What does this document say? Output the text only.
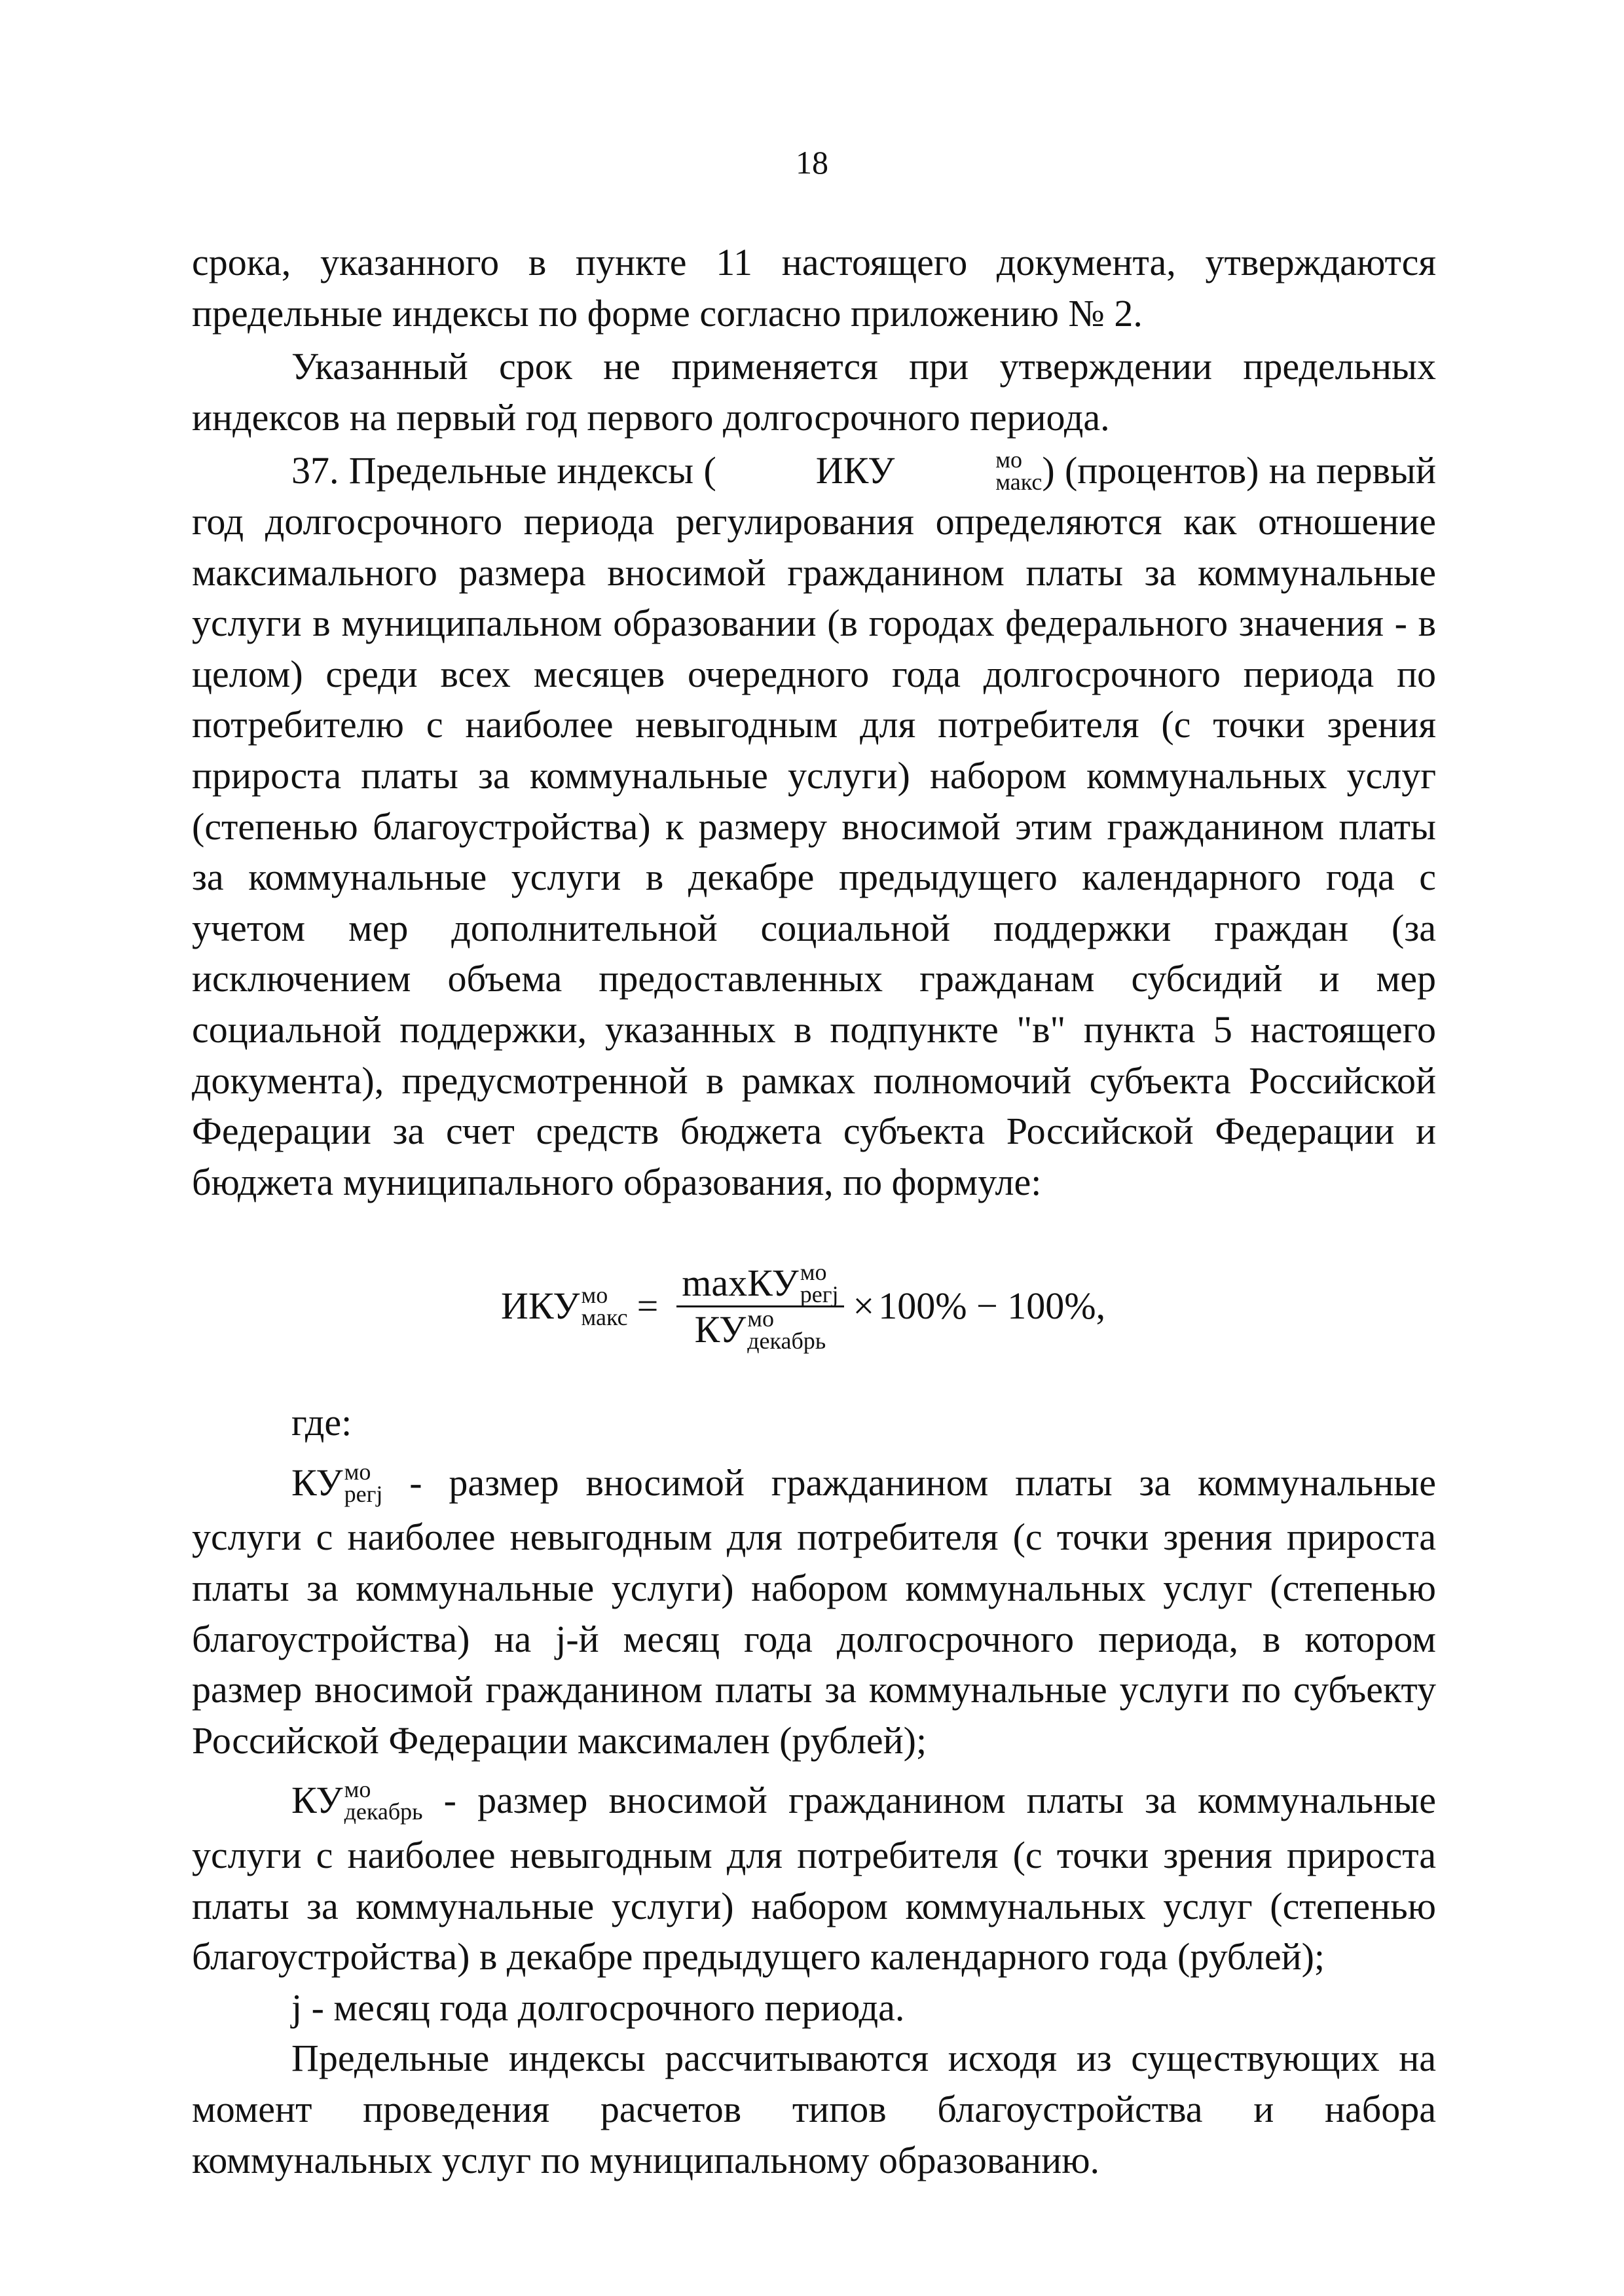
18

срока, указанного в пункте 11 настоящего документа, утверждаются предельные индексы по форме согласно приложению № 2.

Указанный срок не применяется при утверждении предельных индексов на первый год первого долгосрочного периода.

37. Предельные индексы (	ИКУ	мо
макс ) (процентов) на первый год долгосрочного периода регулирования определяются как отношение максимального размера вносимой гражданином платы за коммунальные услуги в муниципальном образовании (в городах федерального значения - в целом) среди всех месяцев очередного года долгосрочного периода по потребителю с наиболее невыгодным для потребителя (с точки зрения прироста платы за коммунальные услуги) набором коммунальных услуг (степенью благоустройства) к размеру вносимой этим гражданином платы за коммунальные услуги в декабре предыдущего календарного года с учетом мер дополнительной социальной поддержки граждан (за исключением объема предоставленных гражданам субсидий и мер социальной поддержки, указанных в подпункте "в" пункта 5 настоящего документа), предусмотренной в рамках полномочий субъекта Российской Федерации за счет средств бюджета субъекта Российской Федерации и бюджета муниципального образования, по формуле:

ИКУ мо
макс = max КУ мо
регj
КУ мо
декабрь × 100% − 100% ,

где:

КУ мо
регj - размер вносимой гражданином платы за коммунальные

услуги с наиболее невыгодным для потребителя (с точки зрения прироста платы за коммунальные услуги) набором коммунальных услуг (степенью благоустройства) на j-й месяц года долгосрочного периода, в котором размер вносимой гражданином платы за коммунальные услуги по субъекту Российской Федерации максимален (рублей);

КУ мо
декабрь - размер вносимой гражданином платы за коммунальные

услуги с наиболее невыгодным для потребителя (с точки зрения прироста платы за коммунальные услуги) набором коммунальных услуг (степенью благоустройства) в декабре предыдущего календарного года (рублей);

j - месяц года долгосрочного периода.

Предельные индексы рассчитываются исходя из существующих на момент проведения расчетов типов благоустройства и набора коммунальных услуг по муниципальному образованию.
